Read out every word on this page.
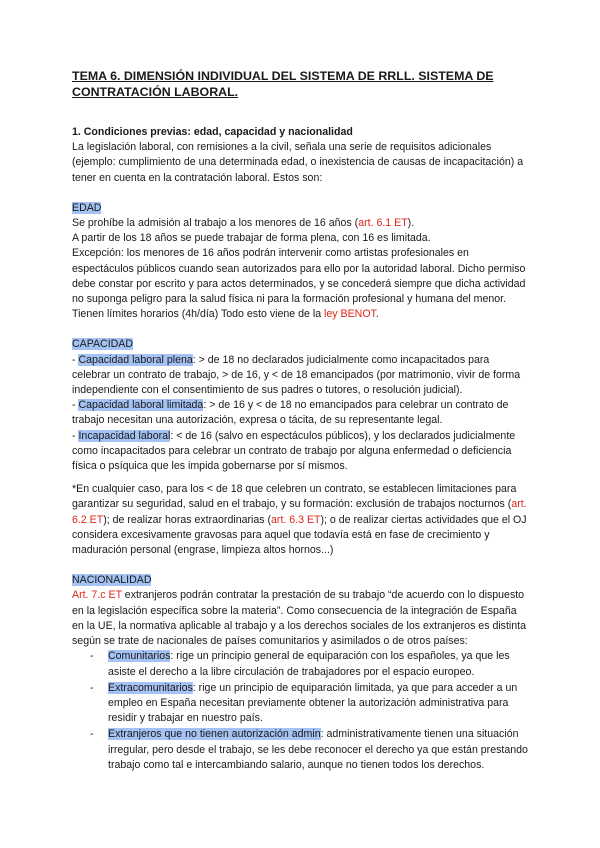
TEMA 6. DIMENSIÓN INDIVIDUAL DEL SISTEMA DE RRLL. SISTEMA DE CONTRATACIÓN LABORAL.

1. Condiciones previas: edad, capacidad y nacionalidad

La legislación laboral, con remisiones a la civil, señala una serie de requisitos adicionales (ejemplo: cumplimiento de una determinada edad, o inexistencia de causas de incapacitación) a tener en cuenta en la contratación laboral. Estos son:

EDAD

Se prohíbe la admisión al trabajo a los menores de 16 años (art. 6.1 ET).

A partir de los 18 años se puede trabajar de forma plena, con 16 es limitada.

Excepción: los menores de 16 años podrán intervenir como artistas profesionales en espectáculos públicos cuando sean autorizados para ello por la autoridad laboral. Dicho permiso debe constar por escrito y para actos determinados, y se concederá siempre que dicha actividad no suponga peligro para la salud física ni para la formación profesional y humana del menor. Tienen límites horarios (4h/día) Todo esto viene de la ley BENOT.

CAPACIDAD

- Capacidad laboral plena: > de 18 no declarados judicialmente como incapacitados para celebrar un contrato de trabajo, > de 16, y < de 18 emancipados (por matrimonio, vivir de forma independiente con el consentimiento de sus padres o tutores, o resolución judicial).

- Capacidad laboral limitada: > de 16 y < de 18 no emancipados para celebrar un contrato de trabajo necesitan una autorización, expresa o tácita, de su representante legal.

- Incapacidad laboral: < de 16 (salvo en espectáculos públicos), y los declarados judicialmente como incapacitados para celebrar un contrato de trabajo por alguna enfermedad o deficiencia física o psíquica que les impida gobernarse por sí mismos.

*En cualquier caso, para los < de 18 que celebren un contrato, se establecen limitaciones para garantizar su seguridad, salud en el trabajo, y su formación: exclusión de trabajos nocturnos (art. 6.2 ET); de realizar horas extraordinarias (art. 6.3 ET); o de realizar ciertas actividades que el OJ considera excesivamente gravosas para aquel que todavía está en fase de crecimiento y maduración personal (engrase, limpieza altos hornos...)

NACIONALIDAD

Art. 7.c ET extranjeros podrán contratar la prestación de su trabajo “de acuerdo con lo dispuesto en la legislación específica sobre la materia”. Como consecuencia de la integración de España en la UE, la normativa aplicable al trabajo y a los derechos sociales de los extranjeros es distinta según se trate de nacionales de países comunitarios y asimilados o de otros países:

- Comunitarios: rige un principio general de equiparación con los españoles, ya que les asiste el derecho a la libre circulación de trabajadores por el espacio europeo.
- Extracomunitarios: rige un principio de equiparación limitada, ya que para acceder a un empleo en España necesitan previamente obtener la autorización administrativa para residir y trabajar en nuestro país.
- Extranjeros que no tienen autorización admin: administrativamente tienen una situación irregular, pero desde el trabajo, se les debe reconocer el derecho ya que están prestando trabajo como tal e intercambiando salario, aunque no tienen todos los derechos.
